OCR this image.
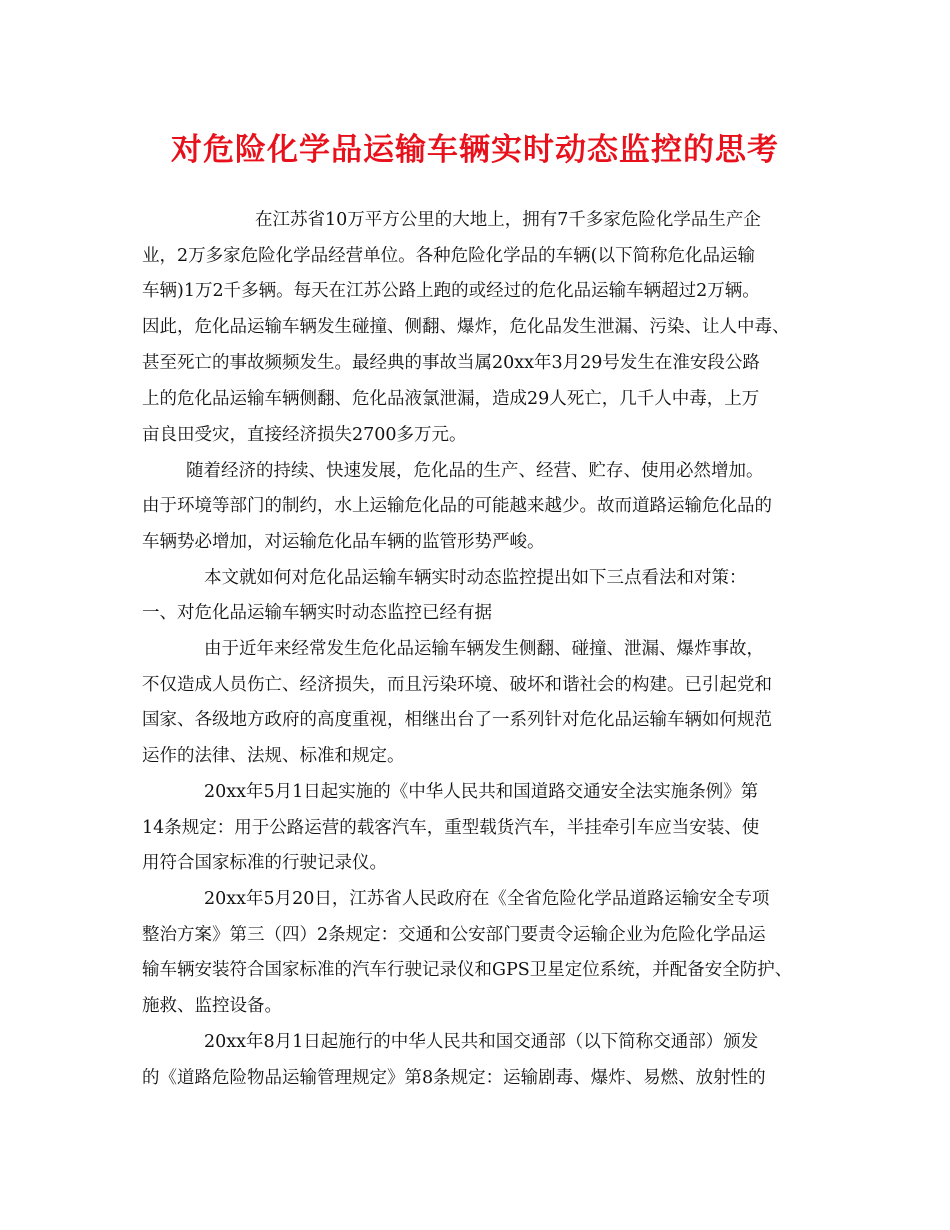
对危险化学品运输车辆实时动态监控的思考
在江苏省10万平方公里的大地上，拥有7千多家危险化学品生产企
业，2万多家危险化学品经营单位。各种危险化学品的车辆(以下简称危化品运输
车辆)1万2千多辆。每天在江苏公路上跑的或经过的危化品运输车辆超过2万辆。
因此，危化品运输车辆发生碰撞、侧翻、爆炸，危化品发生泄漏、污染、让人中毒、
甚至死亡的事故频频发生。最经典的事故当属20xx年3月29号发生在淮安段公路
上的危化品运输车辆侧翻、危化品液氯泄漏，造成29人死亡，几千人中毒，上万
亩良田受灾，直接经济损失2700多万元。
随着经济的持续、快速发展，危化品的生产、经营、贮存、使用必然增加。
由于环境等部门的制约，水上运输危化品的可能越来越少。故而道路运输危化品的
车辆势必增加，对运输危化品车辆的监管形势严峻。
本文就如何对危化品运输车辆实时动态监控提出如下三点看法和对策：
一、对危化品运输车辆实时动态监控已经有据
由于近年来经常发生危化品运输车辆发生侧翻、碰撞、泄漏、爆炸事故，
不仅造成人员伤亡、经济损失，而且污染环境、破坏和谐社会的构建。已引起党和
国家、各级地方政府的高度重视，相继出台了一系列针对危化品运输车辆如何规范
运作的法律、法规、标准和规定。
20xx年5月1日起实施的《中华人民共和国道路交通安全法实施条例》第
14条规定：用于公路运营的载客汽车，重型载货汽车，半挂牵引车应当安装、使
用符合国家标准的行驶记录仪。
20xx年5月20日，江苏省人民政府在《全省危险化学品道路运输安全专项
整治方案》第三（四）2条规定：交通和公安部门要责令运输企业为危险化学品运
输车辆安装符合国家标准的汽车行驶记录仪和GPS卫星定位系统，并配备安全防护、
施救、监控设备。
20xx年8月1日起施行的中华人民共和国交通部（以下简称交通部）颁发
的《道路危险物品运输管理规定》第8条规定：运输剧毒、爆炸、易燃、放射性的
